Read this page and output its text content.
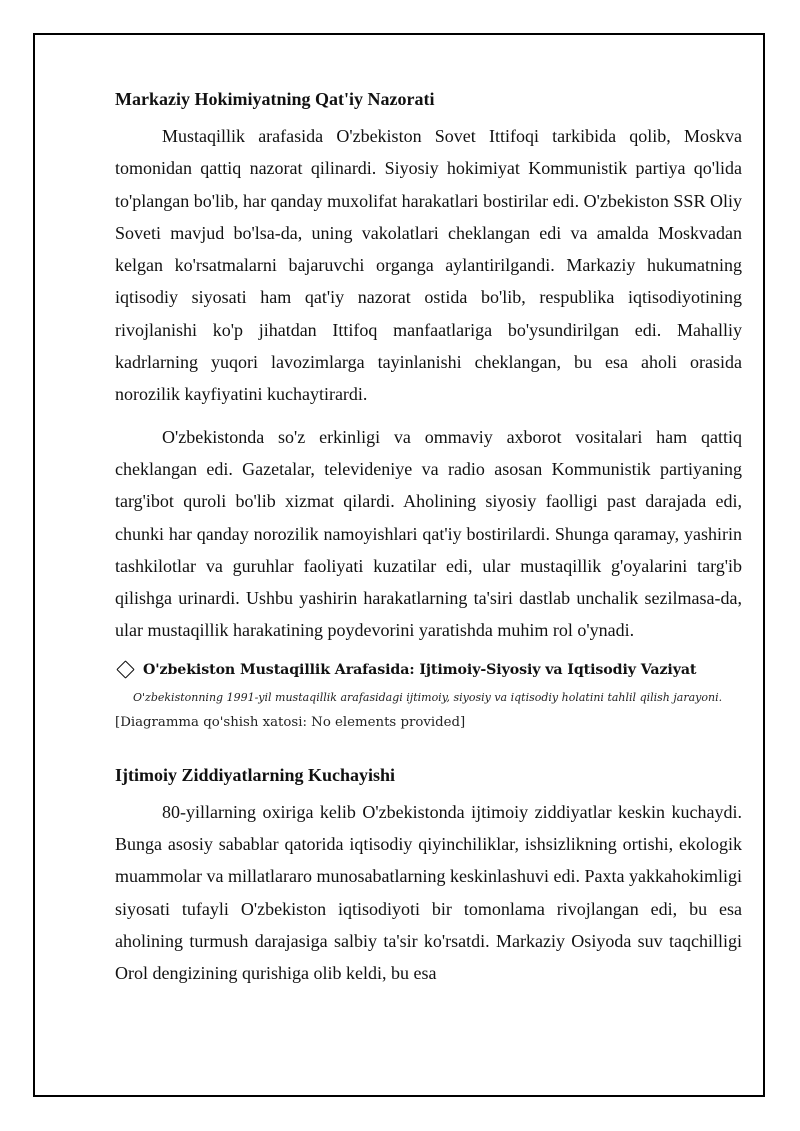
Markaziy Hokimiyatning Qat'iy Nazorati

Mustaqillik arafasida O'zbekiston Sovet Ittifoqi tarkibida qolib, Moskva tomonidan qattiq nazorat qilinardi. Siyosiy hokimiyat Kommunistik partiya qo'lida to'plangan bo'lib, har qanday muxolifat harakatlari bostirilar edi. O'zbekiston SSR Oliy Soveti mavjud bo'lsa-da, uning vakolatlari cheklangan edi va amalda Moskvadan kelgan ko'rsatmalarni bajaruvchi organga aylantirilgandi. Markaziy hukumatning iqtisodiy siyosati ham qat'iy nazorat ostida bo'lib, respublika iqtisodiyotining rivojlanishi ko'p jihatdan Ittifoq manfaatlariga bo'ysundirilgan edi. Mahalliy kadrlarning yuqori lavozimlarga tayinlanishi cheklangan, bu esa aholi orasida norozilik kayfiyatini kuchaytirardi.

O'zbekistonda so'z erkinligi va ommaviy axborot vositalari ham qattiq cheklangan edi. Gazetalar, televideniye va radio asosan Kommunistik partiyaning targ'ibot quroli bo'lib xizmat qilardi. Aholining siyosiy faolligi past darajada edi, chunki har qanday norozilik namoyishlari qat'iy bostirilardi. Shunga qaramay, yashirin tashkilotlar va guruhlar faoliyati kuzatilar edi, ular mustaqillik g'oyalarini targ'ib qilishga urinardi. Ushbu yashirin harakatlarning ta'siri dastlab unchalik sezilmasa-da, ular mustaqillik harakatining poydevorini yaratishda muhim rol o'ynadi.

O'zbekiston Mustaqillik Arafasida: Ijtimoiy-Siyosiy va Iqtisodiy Vaziyat
O'zbekistonning 1991-yil mustaqillik arafasidagi ijtimoiy, siyosiy va iqtisodiy holatini tahlil qilish jarayoni.
[Diagramma qo'shish xatosi: No elements provided]
Ijtimoiy Ziddiyatlarning Kuchayishi

80-yillarning oxiriga kelib O'zbekistonda ijtimoiy ziddiyatlar keskin kuchaydi. Bunga asosiy sabablar qatorida iqtisodiy qiyinchiliklar, ishsizlikning ortishi, ekologik muammolar va millatlararo munosabatlarning keskinlashuvi edi. Paxta yakkahokimligi siyosati tufayli O'zbekiston iqtisodiyoti bir tomonlama rivojlangan edi, bu esa aholining turmush darajasiga salbiy ta'sir ko'rsatdi. Markaziy Osiyoda suv taqchilligi Orol dengizining qurishiga olib keldi, bu esa
